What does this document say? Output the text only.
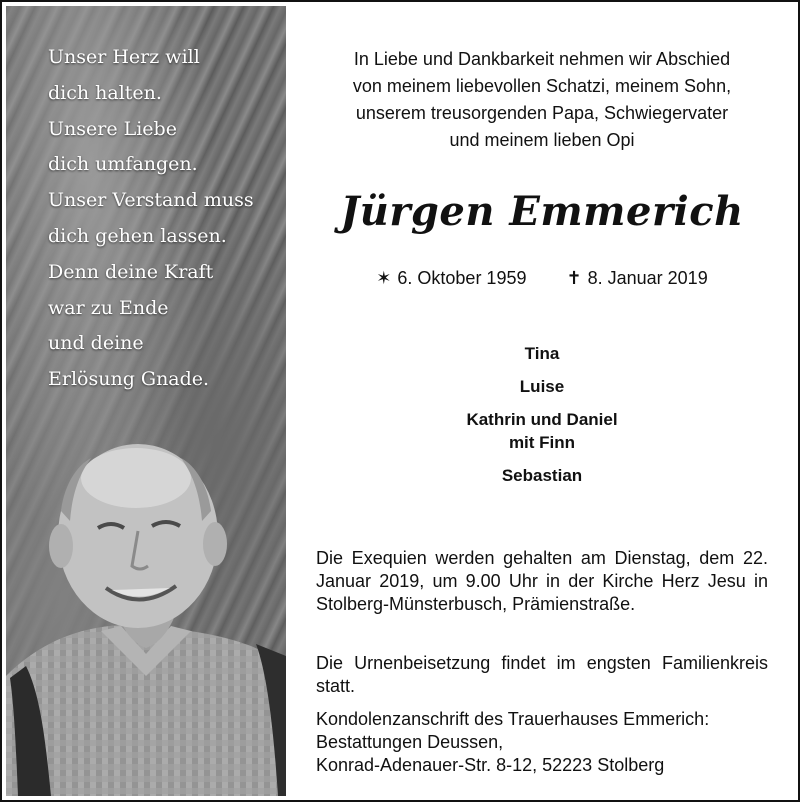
Unser Herz will
dich halten.
Unsere Liebe
dich umfangen.
Unser Verstand muss
dich gehen lassen.
Denn deine Kraft
war zu Ende
und deine
Erlösung Gnade.
In Liebe und Dankbarkeit nehmen wir Abschied
von meinem liebevollen Schatzi, meinem Sohn,
unserem treusorgenden Papa, Schwiegervater
und meinem lieben Opi
Jürgen Emmerich
✶ 6. Oktober 1959 ✝ 8. Januar 2019
Tina
Luise
Kathrin und Daniel
mit Finn
Sebastian
Die Exequien werden gehalten am Dienstag, dem 22. Januar 2019, um 9.00 Uhr in der Kirche Herz Jesu in Stolberg-Münsterbusch, Prämienstraße.
Die Urnenbeisetzung findet im engsten Familienkreis statt.
Kondolenzanschrift des Trauerhauses Emmerich:
Bestattungen Deussen,
Konrad-Adenauer-Str. 8-12, 52223 Stolberg
